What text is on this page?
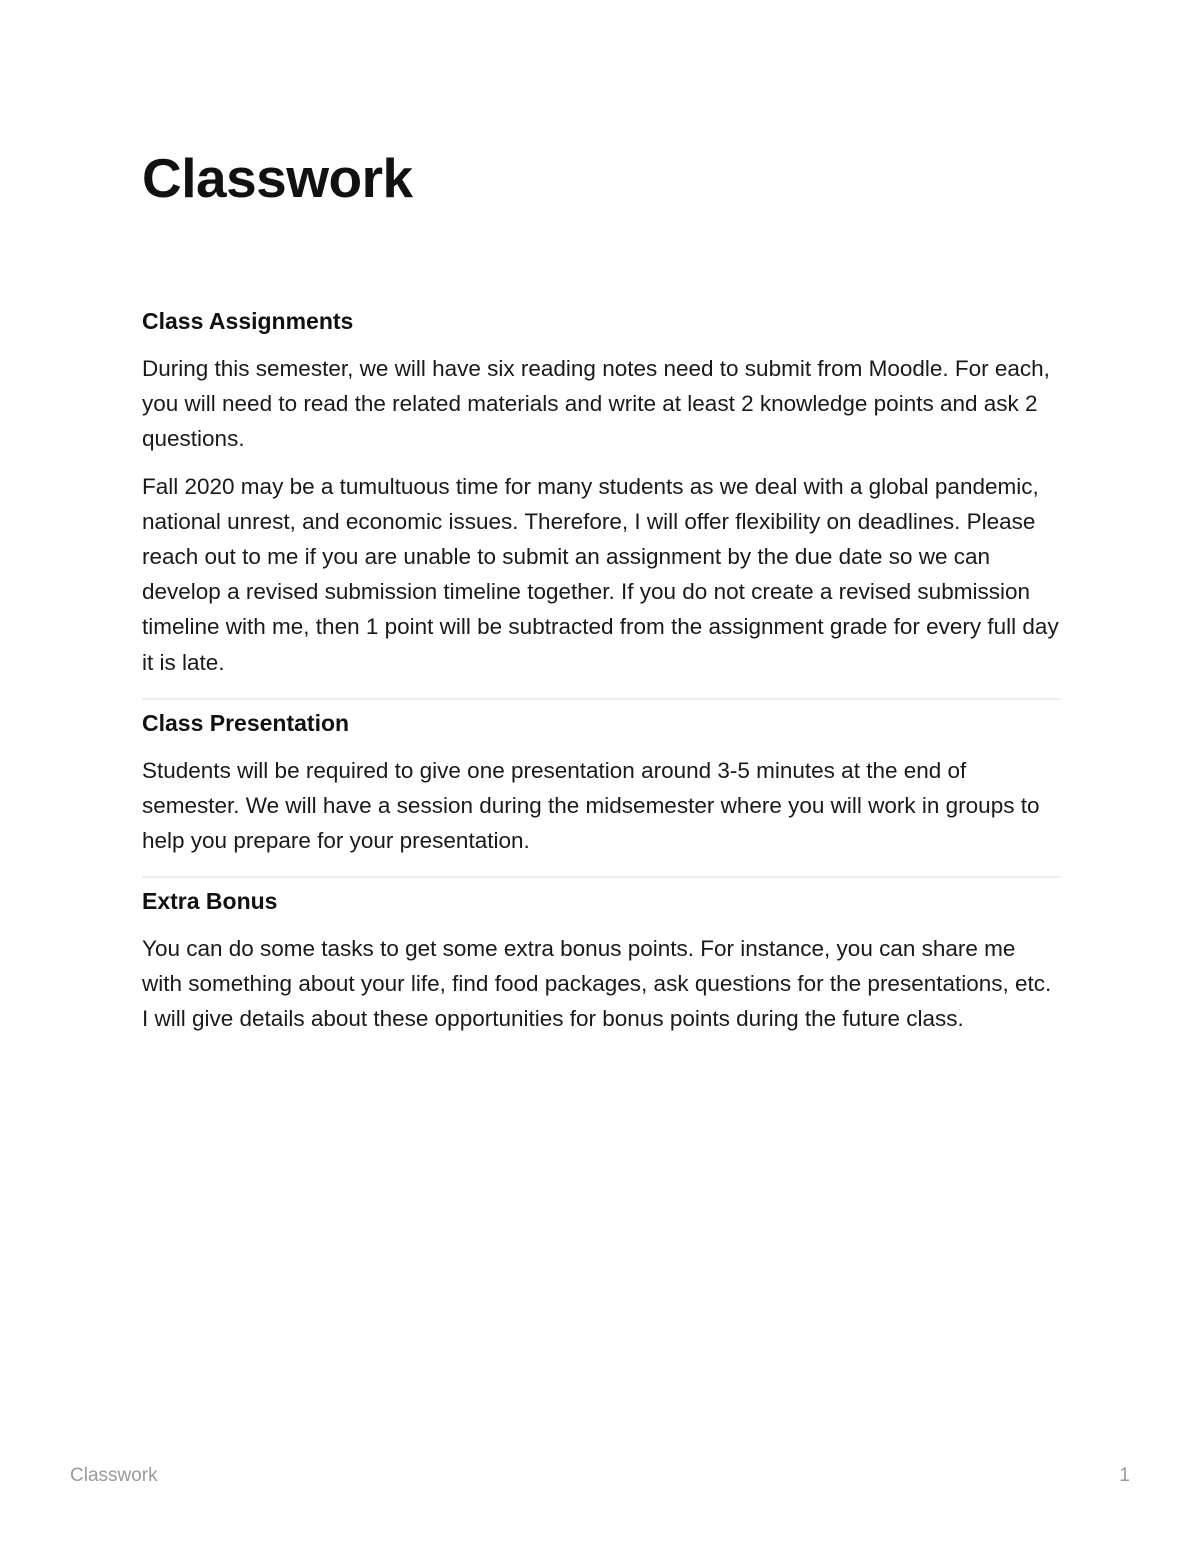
Classwork
Class Assignments

During this semester, we will have six reading notes need to submit from Moodle. For each, you will need to read the related materials and write at least 2 knowledge points and ask 2 questions.

Fall 2020 may be a tumultuous time for many students as we deal with a global pandemic, national unrest, and economic issues. Therefore, I will offer flexibility on deadlines. Please reach out to me if you are unable to submit an assignment by the due date so we can develop a revised submission timeline together. If you do not create a revised submission timeline with me, then 1 point will be subtracted from the assignment grade for every full day it is late.

Class Presentation

Students will be required to give one presentation around 3-5 minutes at the end of semester. We will have a session during the midsemester where you will work in groups to help you prepare for your presentation.

Extra Bonus

You can do some tasks to get some extra bonus points. For instance, you can share me with something about your life, find food packages, ask questions for the presentations, etc. I will give details about these opportunities for bonus points during the future class.

Classwork	1
